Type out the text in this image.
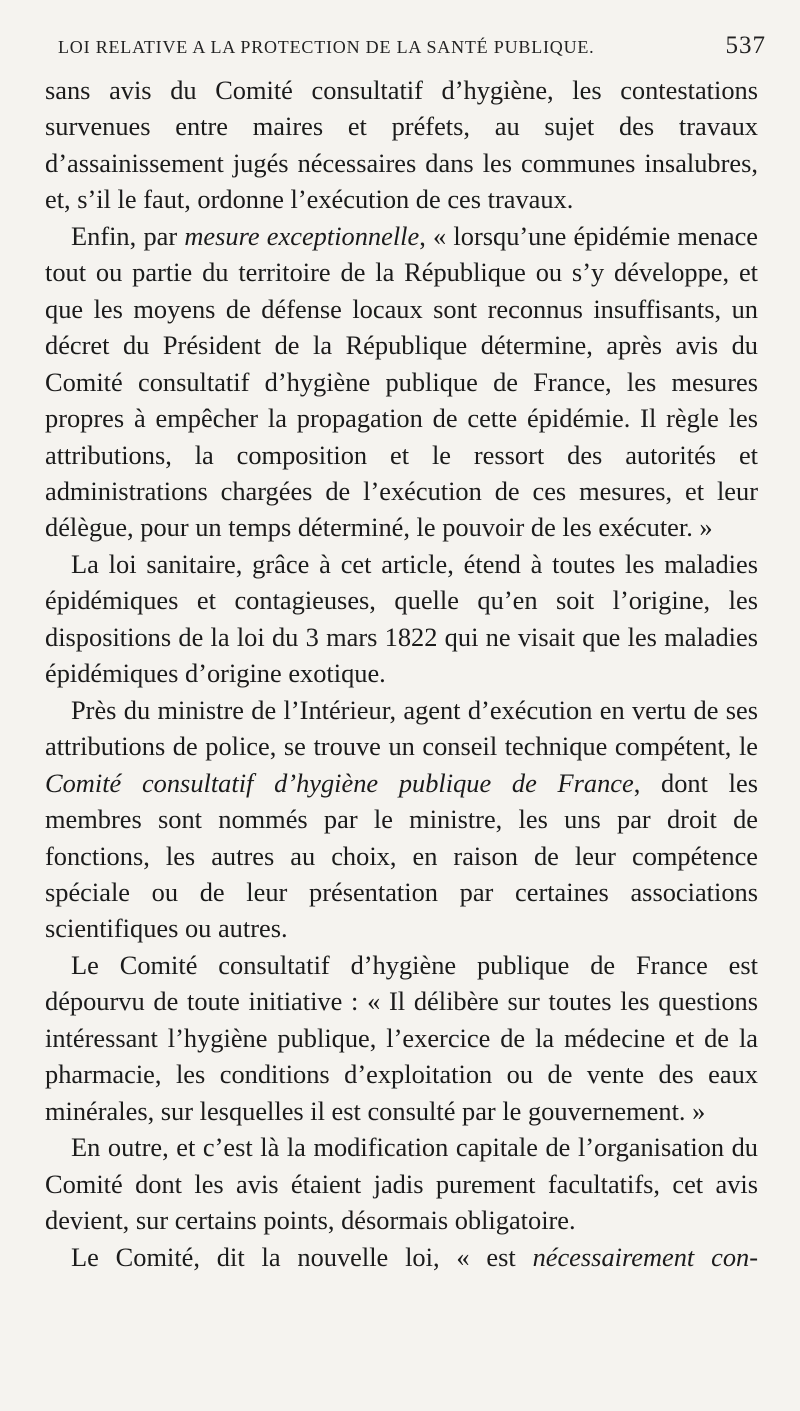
LOI RELATIVE A LA PROTECTION DE LA SANTÉ PUBLIQUE.	537

sans avis du Comité consultatif d’hygiène, les contestations survenues entre maires et préfets, au sujet des travaux d’assainissement jugés nécessaires dans les communes insalubres, et, s’il le faut, ordonne l’exécution de ces travaux.

Enfin, par mesure exceptionnelle, « lorsqu’une épidémie menace tout ou partie du territoire de la République ou s’y développe, et que les moyens de défense locaux sont reconnus insuffisants, un décret du Président de la République détermine, après avis du Comité consultatif d’hygiène publique de France, les mesures propres à empêcher la propagation de cette épidémie. Il règle les attributions, la composition et le ressort des autorités et administrations chargées de l’exécution de ces mesures, et leur délègue, pour un temps déterminé, le pouvoir de les exécuter. »

La loi sanitaire, grâce à cet article, étend à toutes les maladies épidémiques et contagieuses, quelle qu’en soit l’origine, les dispositions de la loi du 3 mars 1822 qui ne visait que les maladies épidémiques d’origine exotique.

Près du ministre de l’Intérieur, agent d’exécution en vertu de ses attributions de police, se trouve un conseil technique compétent, le Comité consultatif d’hygiène publique de France, dont les membres sont nommés par le ministre, les uns par droit de fonctions, les autres au choix, en raison de leur compétence spéciale ou de leur présentation par certaines associations scientifiques ou autres.

Le Comité consultatif d’hygiène publique de France est dépourvu de toute initiative : « Il délibère sur toutes les questions intéressant l’hygiène publique, l’exercice de la médecine et de la pharmacie, les conditions d’exploitation ou de vente des eaux minérales, sur lesquelles il est consulté par le gouvernement. »

En outre, et c’est là la modification capitale de l’organisation du Comité dont les avis étaient jadis purement facultatifs, cet avis devient, sur certains points, désormais obligatoire.

Le Comité, dit la nouvelle loi, « est nécessairement con-
